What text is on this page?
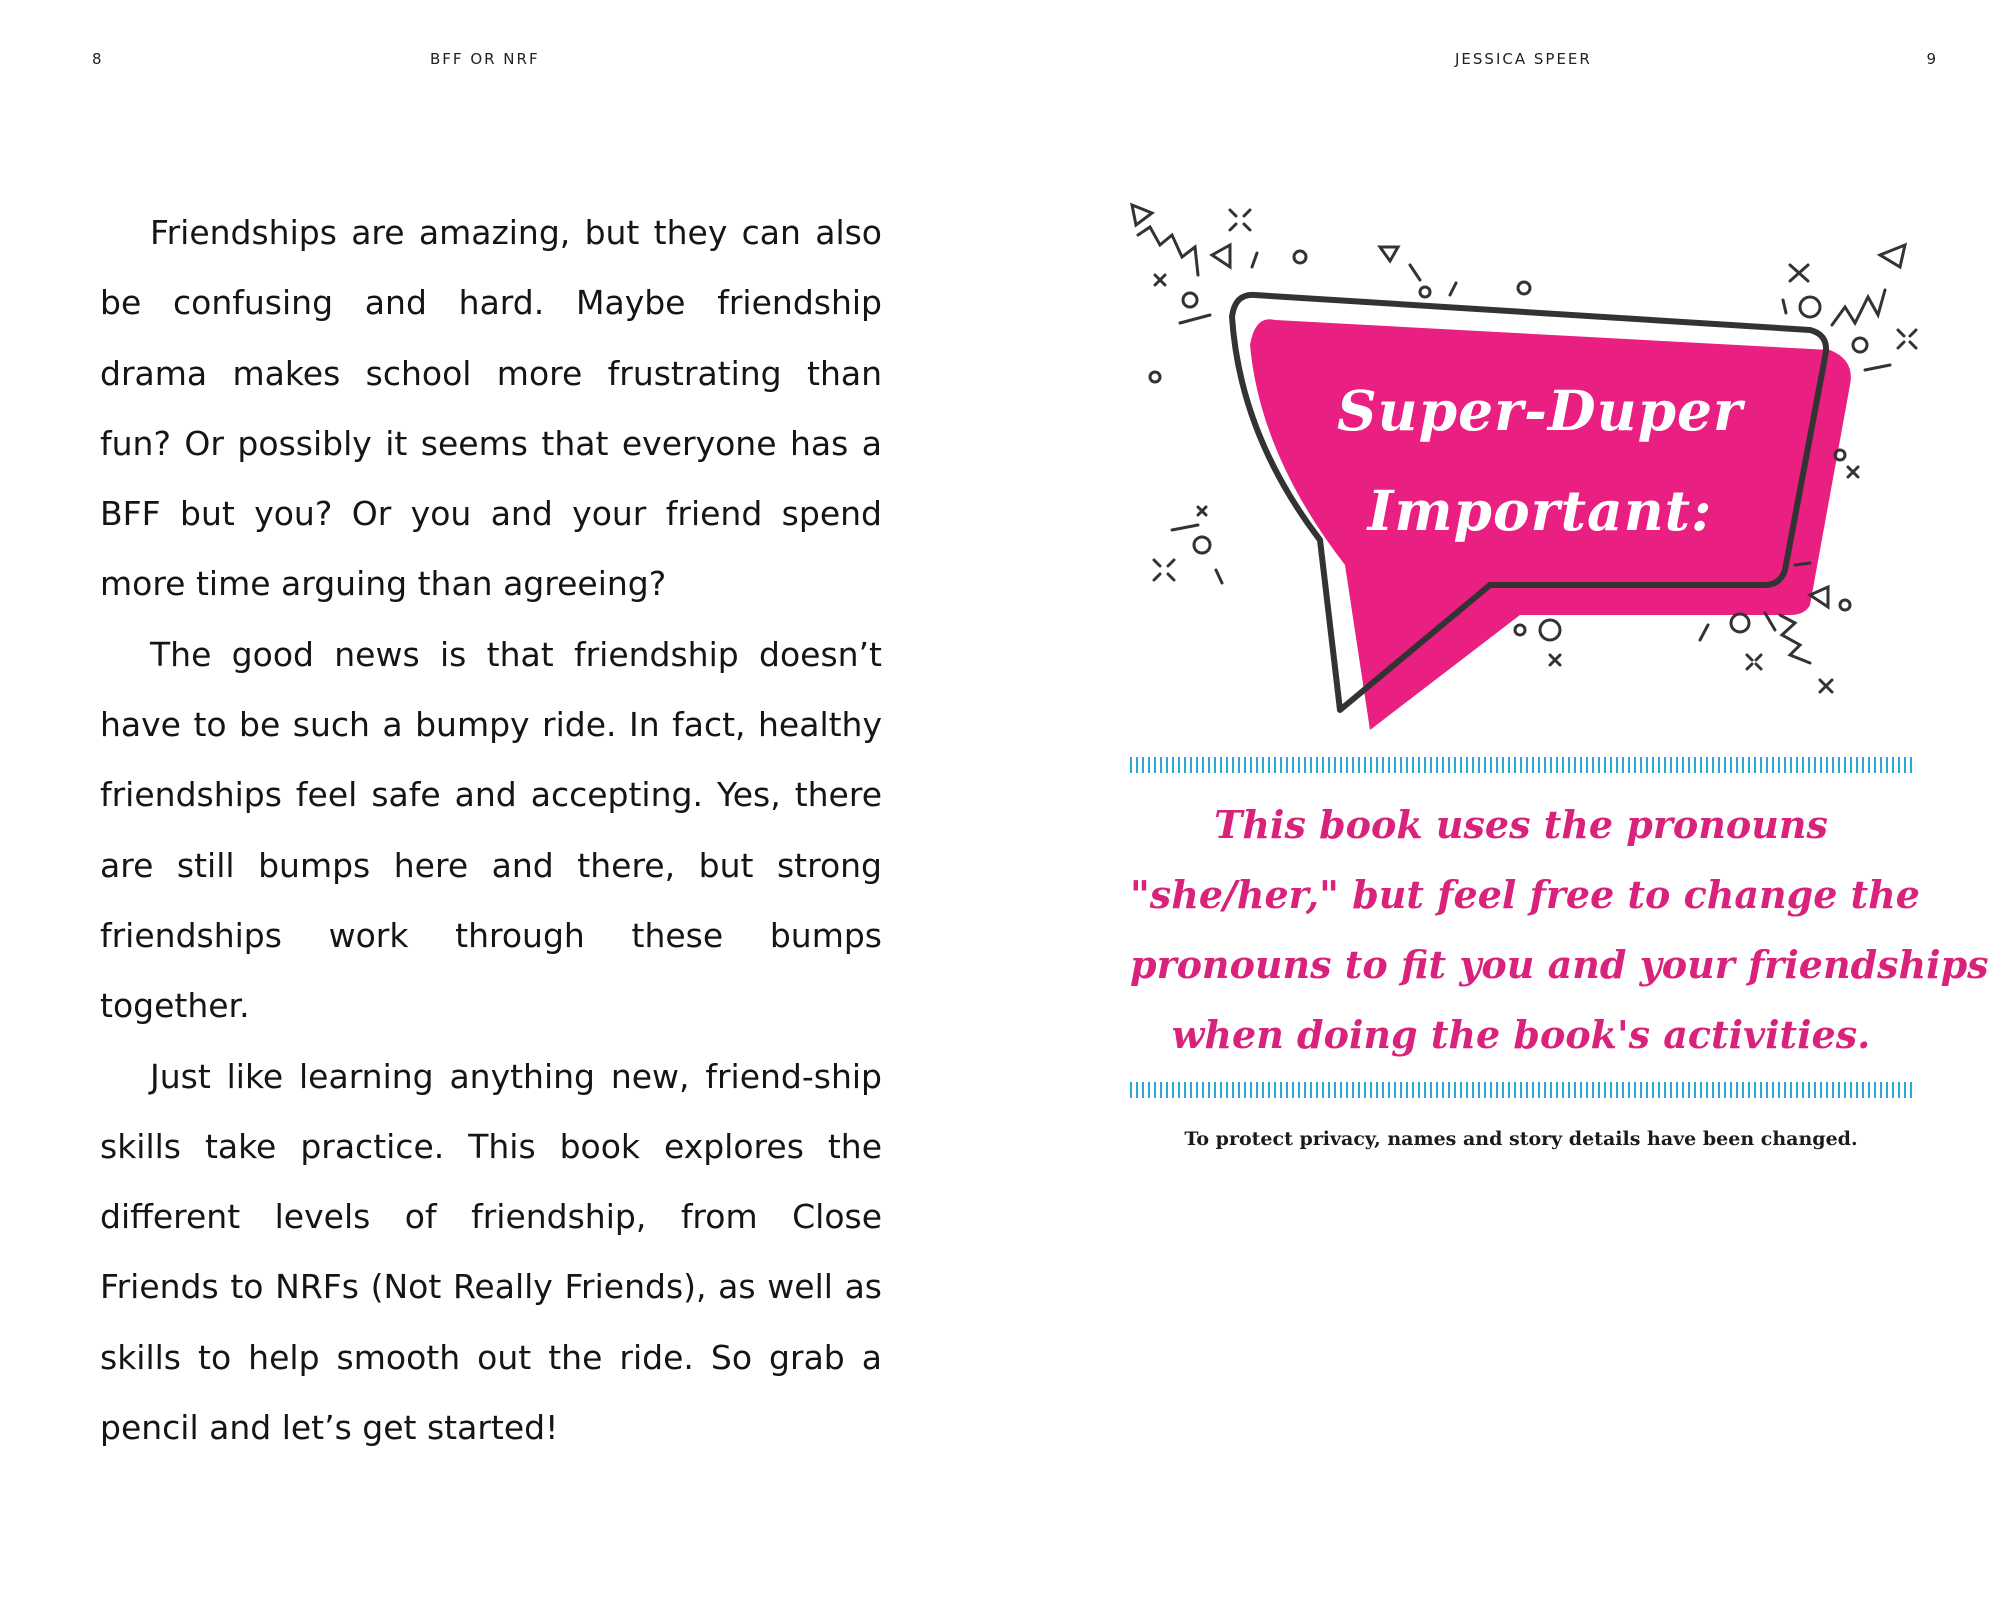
8	BFF OR NRF	JESSICA SPEER	9

Friendships are amazing, but they can also be confusing and hard. Maybe friendship drama makes school more frustrating than fun? Or possibly it seems that everyone has a BFF but you? Or you and your friend spend more time arguing than agreeing?

The good news is that friendship doesn’t have to be such a bumpy ride. In fact, healthy friendships feel safe and accepting. Yes, there are still bumps here and there, but strong friendships work through these bumps together.

Just like learning anything new, friend-ship skills take practice. This book explores the different levels of friendship, from Close Friends to NRFs (Not Really Friends), as well as skills to help smooth out the ride. So grab a pencil and let’s get started!

Super-Duper
Important:
This book uses the pronouns
"she/her," but feel free to change the
pronouns to fit you and your friendships
when doing the book's activities.
To protect privacy, names and story details have been changed.
